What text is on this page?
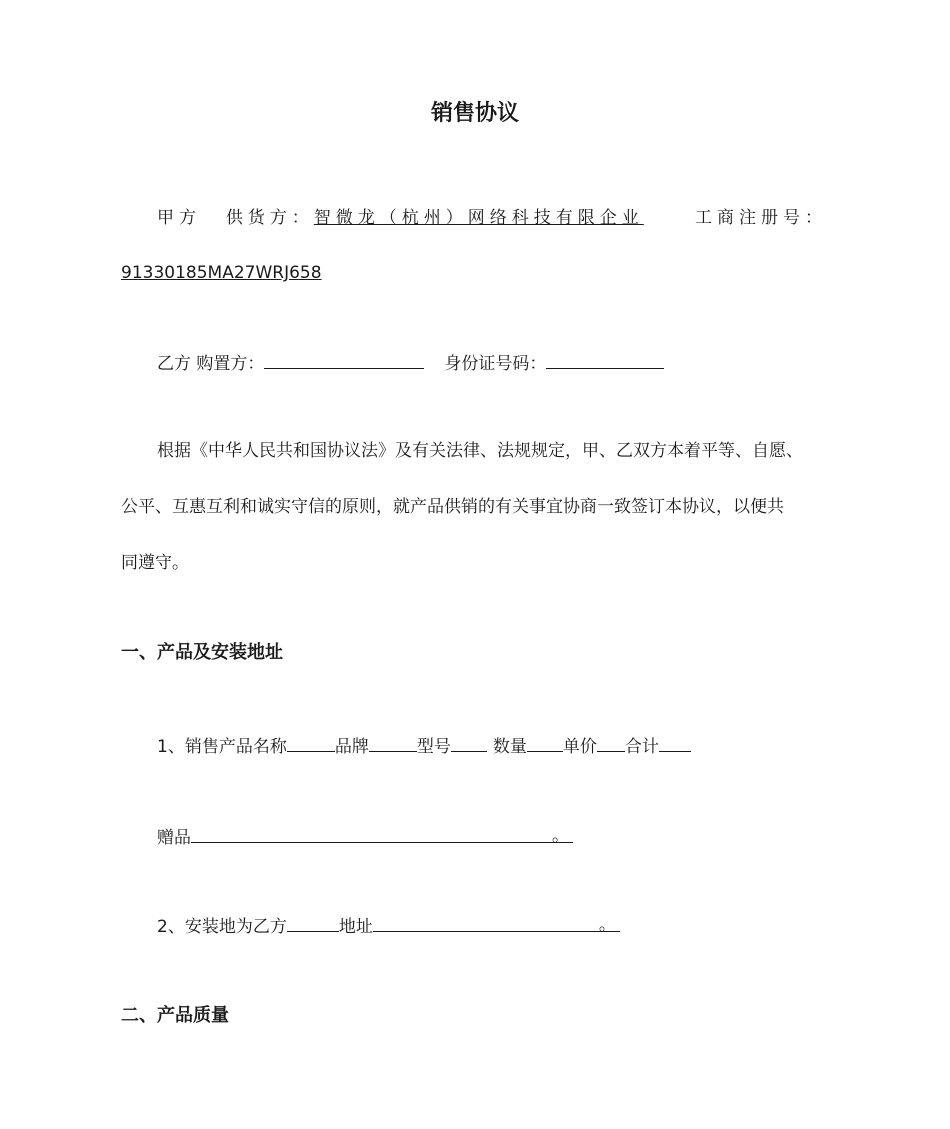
销售协议
甲方 供货方：智微龙（杭州）网络科技有限企业	工商注册号：
91330185MA27WRJ658
乙方 购置方：	身份证号码：
根据《中华人民共和国协议法》及有关法律、法规规定，甲、乙双方本着平等、自愿、
公平、互惠互利和诚实守信的原则，就产品供销的有关事宜协商一致签订本协议，以便共
同遵守。
一、产品及安装地址
1、销售产品名称	品牌	型号 数量 单价 合计
赠品	。
2、安装地为乙方	地址	。
二、产品质量
